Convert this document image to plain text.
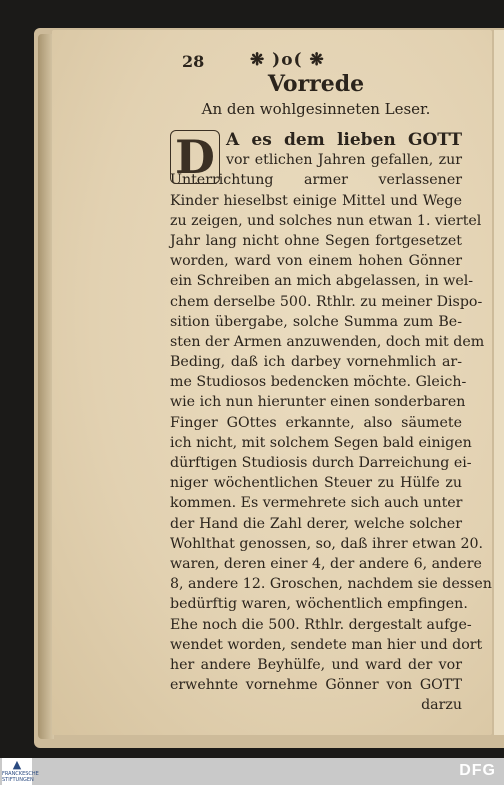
28	❋ )o( ❋
Vorrede
An den wohlgesinneten Leser.
D A es dem lieben GOTT
vor etlichen Jahren gefallen, zur
Unterrichtung armer verlassener
Kinder hieselbst einige Mittel und Wege
zu zeigen, und solches nun etwan 1. viertel
Jahr lang nicht ohne Segen fortgesetzet
worden, ward von einem hohen Gönner
ein Schreiben an mich abgelassen, in wel-
chem derselbe 500. Rthlr. zu meiner Dispo-
sition übergabe, solche Summa zum Be-
sten der Armen anzuwenden, doch mit dem
Beding, daß ich darbey vornehmlich ar-
me Studiosos bedencken möchte. Gleich-
wie ich nun hierunter einen sonderbaren
Finger GOttes erkannte, also säumete
ich nicht, mit solchem Segen bald einigen
dürftigen Studiosis durch Darreichung ei-
niger wöchentlichen Steuer zu Hülfe zu
kommen. Es vermehrete sich auch unter
der Hand die Zahl derer, welche solcher
Wohlthat genossen, so, daß ihrer etwan 20.
waren, deren einer 4, der andere 6, andere
8, andere 12. Groschen, nachdem sie dessen
bedürftig waren, wöchentlich empfingen.
Ehe noch die 500. Rthlr. dergestalt aufge-
wendet worden, sendete man hier und dort
her andere Beyhülfe, und ward der vor
erwehnte vornehme Gönner von GOTT
darzu
▲
FRANCKESCHE STIFTUNGEN
DFG
